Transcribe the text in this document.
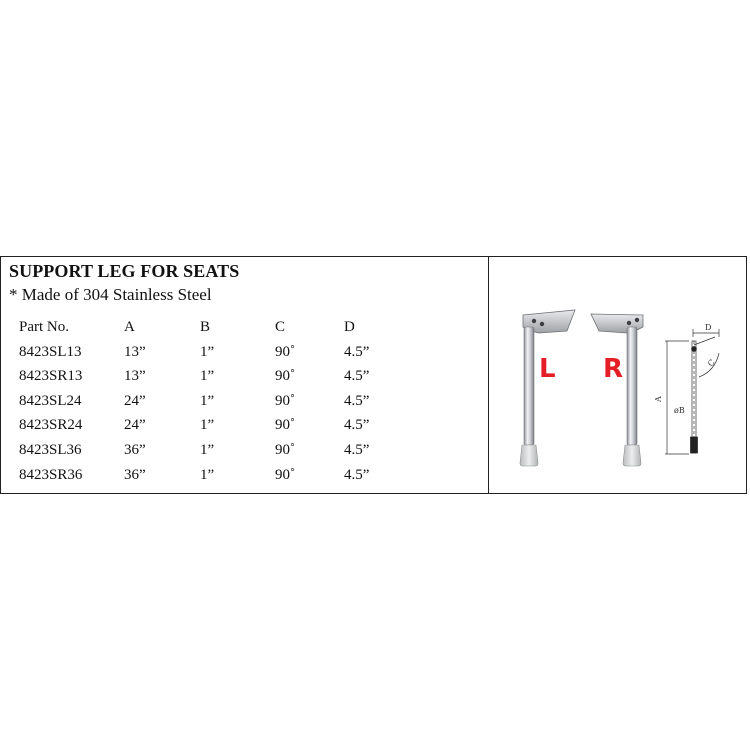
SUPPORT LEG FOR SEATS
* Made of 304 Stainless Steel
Part No.	A	B	C	D
8423SL13	13”	1”	90˚	4.5”
8423SR13	13”	1”	90˚	4.5”
8423SL24	24”	1”	90˚	4.5”
8423SR24	24”	1”	90˚	4.5”
8423SL36	36”	1”	90˚	4.5”
8423SR36	36”	1”	90˚	4.5”
L R
D
C
A
øB
